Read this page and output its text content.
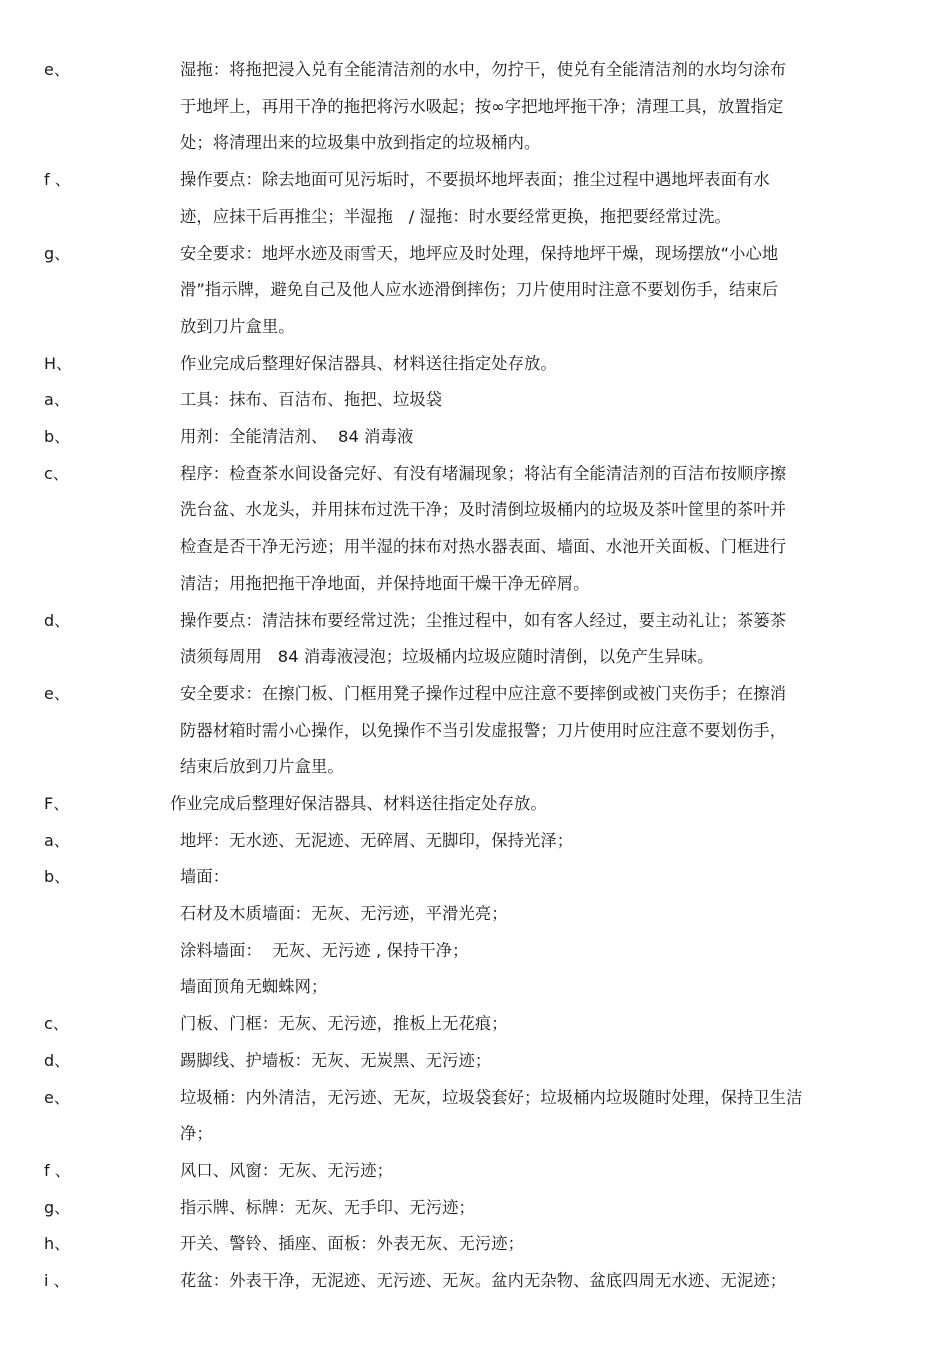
e、	湿拖：将拖把浸入兑有全能清洁剂的水中，勿拧干，使兑有全能清洁剂的水均匀涂布
于地坪上，再用干净的拖把将污水吸起；按∞字把地坪拖干净；清理工具，放置指定
处；将清理出来的垃圾集中放到指定的垃圾桶内。
f 、	操作要点：除去地面可见污垢时，不要损坏地坪表面；推尘过程中遇地坪表面有水
迹，应抹干后再推尘；半湿拖   / 湿拖：时水要经常更换，拖把要经常过洗。
g、	安全要求：地坪水迹及雨雪天，地坪应及时处理，保持地坪干燥，现场摆放“小心地
滑”指示牌，避免自己及他人应水迹滑倒摔伤；刀片使用时注意不要划伤手，结束后
放到刀片盒里。
H、	作业完成后整理好保洁器具、材料送往指定处存放。
a、	工具：抹布、百洁布、拖把、垃圾袋
b、	用剂：全能清洁剂、  84 消毒液
c、	程序：检查茶水间设备完好、有没有堵漏现象；将沾有全能清洁剂的百洁布按顺序擦
洗台盆、水龙头，并用抹布过洗干净；及时清倒垃圾桶内的垃圾及茶叶筐里的茶叶并
检查是否干净无污迹；用半湿的抹布对热水器表面、墙面、水池开关面板、门框进行
清洁；用拖把拖干净地面，并保持地面干燥干净无碎屑。
d、	操作要点：清洁抹布要经常过洗；尘推过程中，如有客人经过，要主动礼让；茶篓茶
渍须每周用   84 消毒液浸泡；垃圾桶内垃圾应随时清倒，以免产生异味。
e、	安全要求：在擦门板、门框用凳子操作过程中应注意不要摔倒或被门夹伤手；在擦消
防器材箱时需小心操作，以免操作不当引发虚报警；刀片使用时应注意不要划伤手，
结束后放到刀片盒里。
F、	作业完成后整理好保洁器具、材料送往指定处存放。
a、	地坪：无水迹、无泥迹、无碎屑、无脚印，保持光泽；
b、	墙面：
石材及木质墙面：无灰、无污迹，平滑光亮；
涂料墙面：  无灰、无污迹 , 保持干净；
墙面顶角无蜘蛛网；
c、	门板、门框：无灰、无污迹，推板上无花痕；
d、	踢脚线、护墙板：无灰、无炭黑、无污迹；
e、	垃圾桶：内外清洁，无污迹、无灰，垃圾袋套好；垃圾桶内垃圾随时处理，保持卫生洁
净；
f 、	风口、风窗：无灰、无污迹；
g、	指示牌、标牌：无灰、无手印、无污迹；
h、	开关、警铃、插座、面板：外表无灰、无污迹；
i 、	花盆：外表干净，无泥迹、无污迹、无灰。盆内无杂物、盆底四周无水迹、无泥迹；
